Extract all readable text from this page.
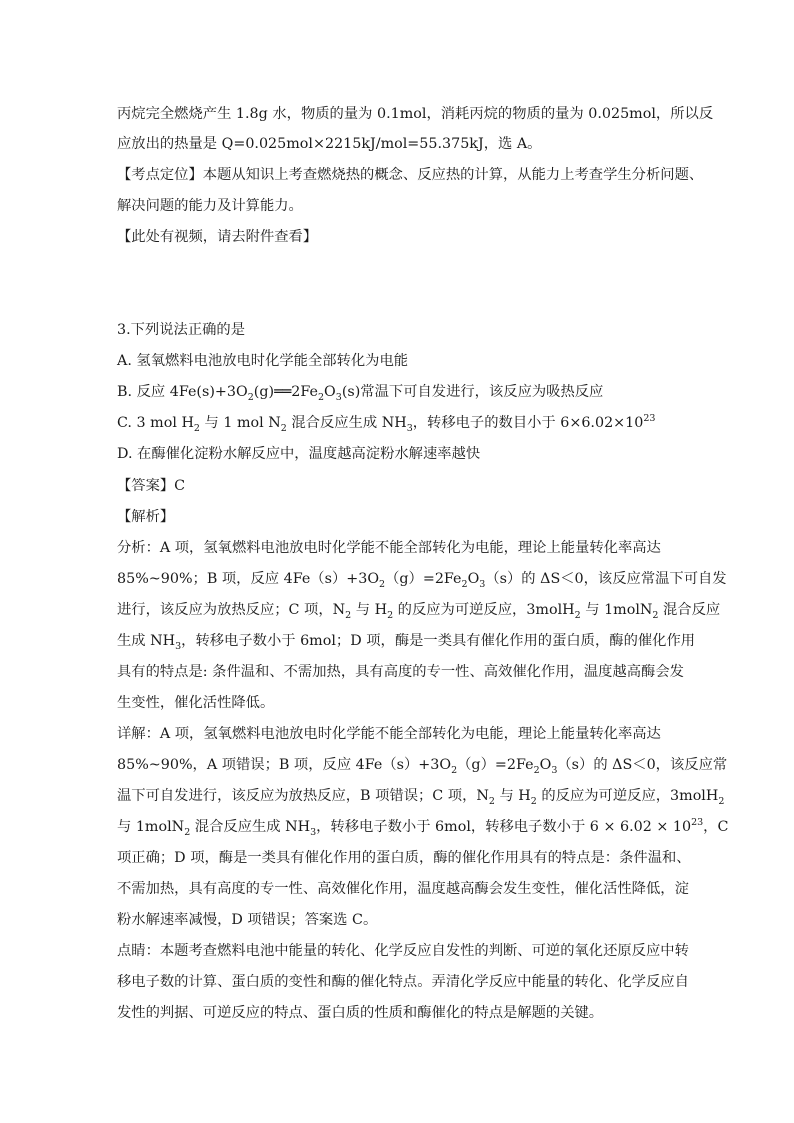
丙烷完全燃烧产生 1.8g 水，物质的量为 0.1mol，消耗丙烷的物质的量为 0.025mol，所以反
应放出的热量是 Q=0.025mol×2215kJ/mol=55.375kJ，选 A。
【考点定位】本题从知识上考查燃烧热的概念、反应热的计算，从能力上考查学生分析问题、
解决问题的能力及计算能力。
【此处有视频，请去附件查看】
3.下列说法正确的是
A. 氢氧燃料电池放电时化学能全部转化为电能
B. 反应 $4Fe(s)+3O_2(g)══2Fe_2O_3(s)$常温下可自发进行，该反应为吸热反应
C. 3 mol $H_2$ 与 1 mol $N_2$ 混合反应生成 $NH_3$，转移电子的数目小于 $6\times 6.02\times 10^{23}$
D. 在酶催化淀粉水解反应中，温度越高淀粉水解速率越快
【答案】C
【解析】
分析：A 项，氢氧燃料电池放电时化学能不能全部转化为电能，理论上能量转化率高达
85%~90%；B 项，反应 $4Fe(s)+3O_2(g)=2Fe_2O_3(s)$的 ΔS＜0，该反应常温下可自发
进行，该反应为放热反应；C 项，$N_2$ 与 $H_2$ 的反应为可逆反应，3molH$_2$ 与 1molN$_2$ 混合反应
生成 $NH_3$，转移电子数小于 6mol；D 项，酶是一类具有催化作用的蛋白质，酶的催化作用
具有的特点是: 条件温和、不需加热，具有高度的专一性、高效催化作用，温度越高酶会发
生变性，催化活性降低。
详解：A 项，氢氧燃料电池放电时化学能不能全部转化为电能，理论上能量转化率高达
85%~90%，A 项错误；B 项，反应 $4Fe(s)+3O_2(g)=2Fe_2O_3(s)$的 ΔS＜0，该反应常
温下可自发进行，该反应为放热反应，B 项错误；C 项，$N_2$ 与 $H_2$ 的反应为可逆反应，3molH$_2$
与 1molN$_2$ 混合反应生成 $NH_3$，转移电子数小于 6mol，转移电子数小于 $6 \times 6.02 \times 10^{23}$，C
项正确；D 项，酶是一类具有催化作用的蛋白质，酶的催化作用具有的特点是：条件温和、
不需加热，具有高度的专一性、高效催化作用，温度越高酶会发生变性，催化活性降低，淀
粉水解速率减慢，D 项错误；答案选 C。
点睛：本题考查燃料电池中能量的转化、化学反应自发性的判断、可逆的氧化还原反应中转
移电子数的计算、蛋白质的变性和酶的催化特点。弄清化学反应中能量的转化、化学反应自
发性的判据、可逆反应的特点、蛋白质的性质和酶催化的特点是解题的关键。
